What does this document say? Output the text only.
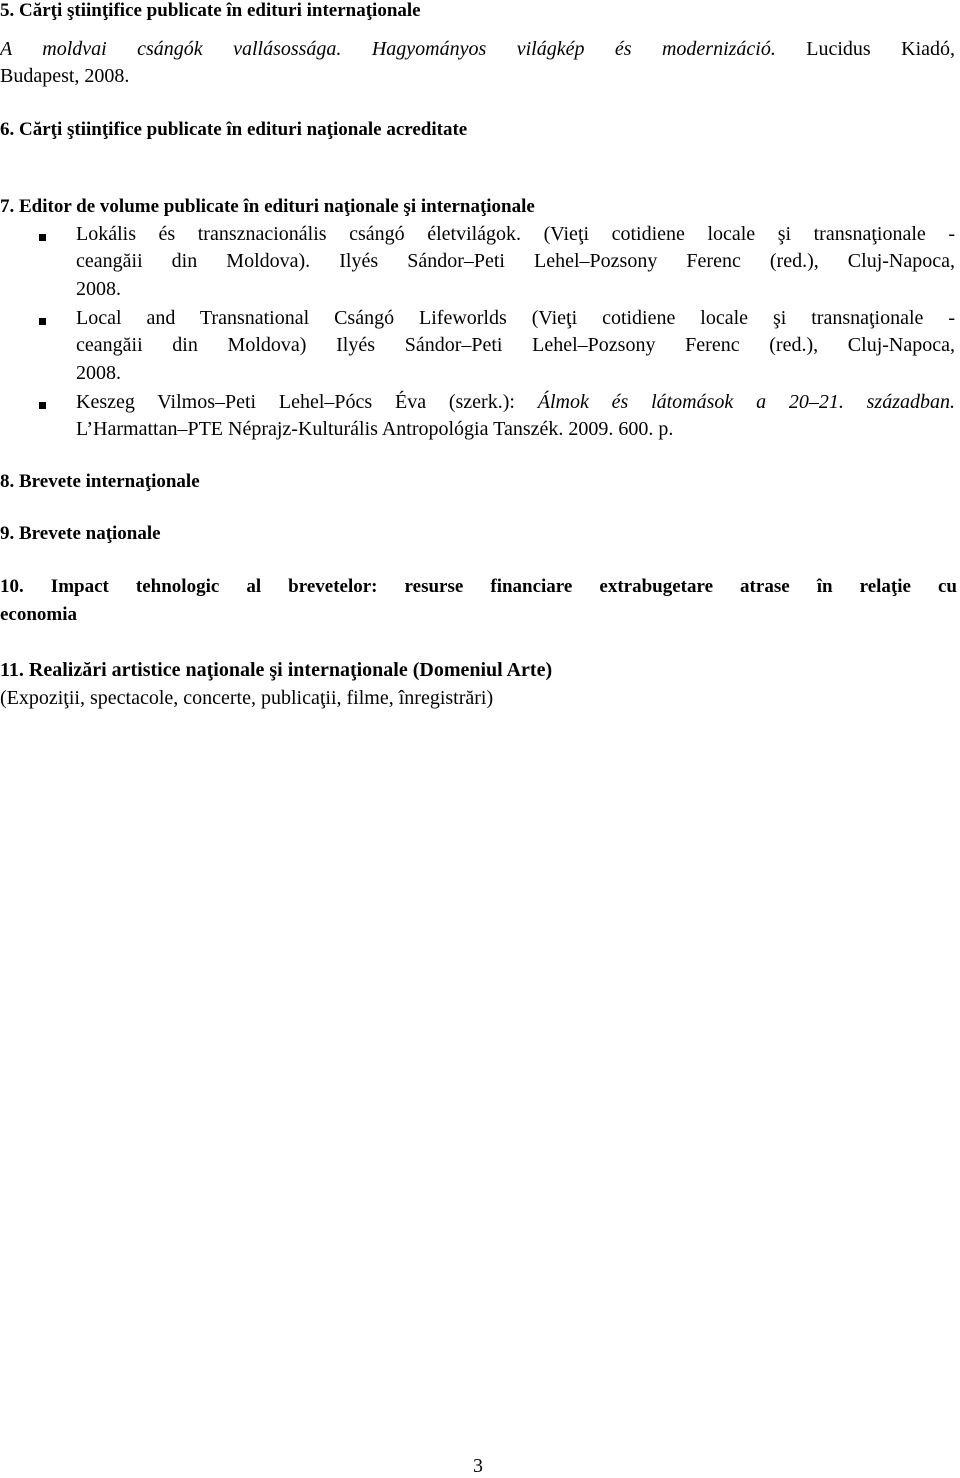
5. Cărţi ştiinţifice publicate în edituri internaţionale
A moldvai csángók vallásossága. Hagyományos világkép és modernizáció. Lucidus Kiadó,
Budapest, 2008.
6. Cărţi ştiinţifice publicate în edituri naţionale acreditate
7. Editor de volume publicate în edituri naţionale şi internaţionale
Lokális és transznacionális csángó életvilágok. (Vieţi cotidiene locale şi transnaţionale -
ceangăii din Moldova). Ilyés Sándor–Peti Lehel–Pozsony Ferenc (red.), Cluj-Napoca,
2008.
Local and Transnational Csángó Lifeworlds (Vieţi cotidiene locale şi transnaţionale -
ceangăii din Moldova) Ilyés Sándor–Peti Lehel–Pozsony Ferenc (red.), Cluj-Napoca,
2008.
Keszeg Vilmos–Peti Lehel–Pócs Éva (szerk.): Álmok és látomások a 20–21. században.
L’Harmattan–PTE Néprajz-Kulturális Antropológia Tanszék. 2009. 600. p.
8. Brevete internaţionale
9. Brevete naţionale
10. Impact tehnologic al brevetelor: resurse financiare extrabugetare atrase în relaţie cu
economia
11. Realizări artistice naţionale şi internaţionale (Domeniul Arte)
(Expoziţii, spectacole, concerte, publicaţii, filme, înregistrări)
3
